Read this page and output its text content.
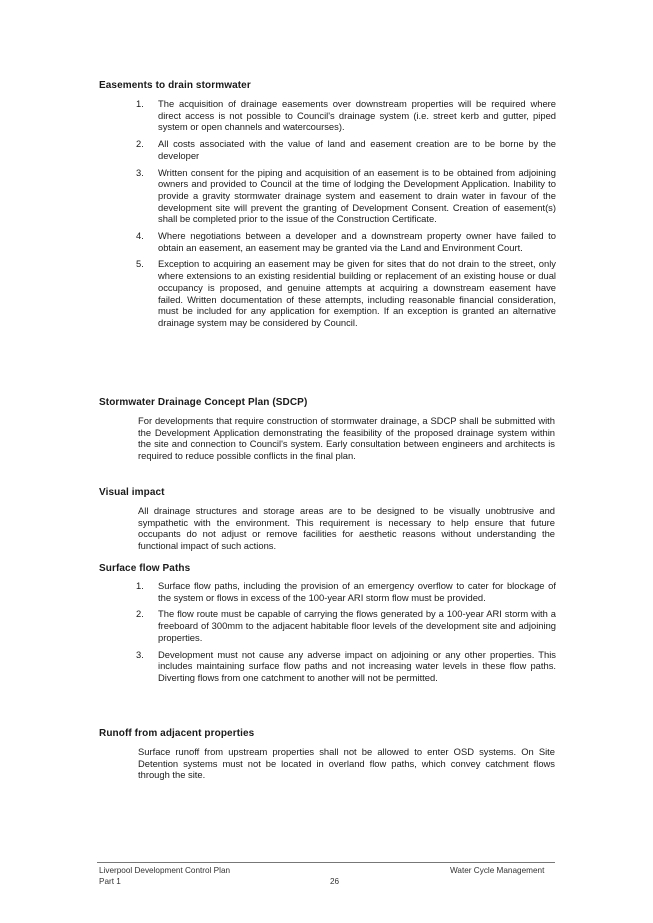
Easements to drain stormwater
1.	The acquisition of drainage easements over downstream properties will be required where direct access is not possible to Council's drainage system (i.e. street kerb and gutter, piped system or open channels and watercourses).
2.	All costs associated with the value of land and easement creation are to be borne by the developer
3.	Written consent for the piping and acquisition of an easement is to be obtained from adjoining owners and provided to Council at the time of lodging the Development Application. Inability to provide a gravity stormwater drainage system and easement to drain water in favour of the development site will prevent the granting of Development Consent. Creation of easement(s) shall be completed prior to the issue of the Construction Certificate.
4.	Where negotiations between a developer and a downstream property owner have failed to obtain an easement, an easement may be granted via the Land and Environment Court.
5.	Exception to acquiring an easement may be given for sites that do not drain to the street, only where extensions to an existing residential building or replacement of an existing house or dual occupancy is proposed, and genuine attempts at acquiring a downstream easement have failed. Written documentation of these attempts, including reasonable financial consideration, must be included for any application for exemption. If an exception is granted an alternative drainage system may be considered by Council.
Stormwater Drainage Concept Plan (SDCP)

For developments that require construction of stormwater drainage, a SDCP shall be submitted with the Development Application demonstrating the feasibility of the proposed drainage system within the site and connection to Council's system. Early consultation between engineers and architects is required to reduce possible conflicts in the final plan.

Visual impact

All drainage structures and storage areas are to be designed to be visually unobtrusive and sympathetic with the environment. This requirement is necessary to help ensure that future occupants do not adjust or remove facilities for aesthetic reasons without understanding the functional impact of such actions.

Surface flow Paths
1.	Surface flow paths, including the provision of an emergency overflow to cater for blockage of the system or flows in excess of the 100-year ARI storm flow must be provided.
2.	The flow route must be capable of carrying the flows generated by a 100-year ARI storm with a freeboard of 300mm to the adjacent habitable floor levels of the development site and adjoining properties.
3.	Development must not cause any adverse impact on adjoining or any other properties. This includes maintaining surface flow paths and not increasing water levels in these flow paths. Diverting flows from one catchment to another will not be permitted.
Runoff from adjacent properties

Surface runoff from upstream properties shall not be allowed to enter OSD systems. On Site Detention systems must not be located in overland flow paths, which convey catchment flows through the site.

Liverpool Development Control Plan

Part 1	26

Water Cycle Management
